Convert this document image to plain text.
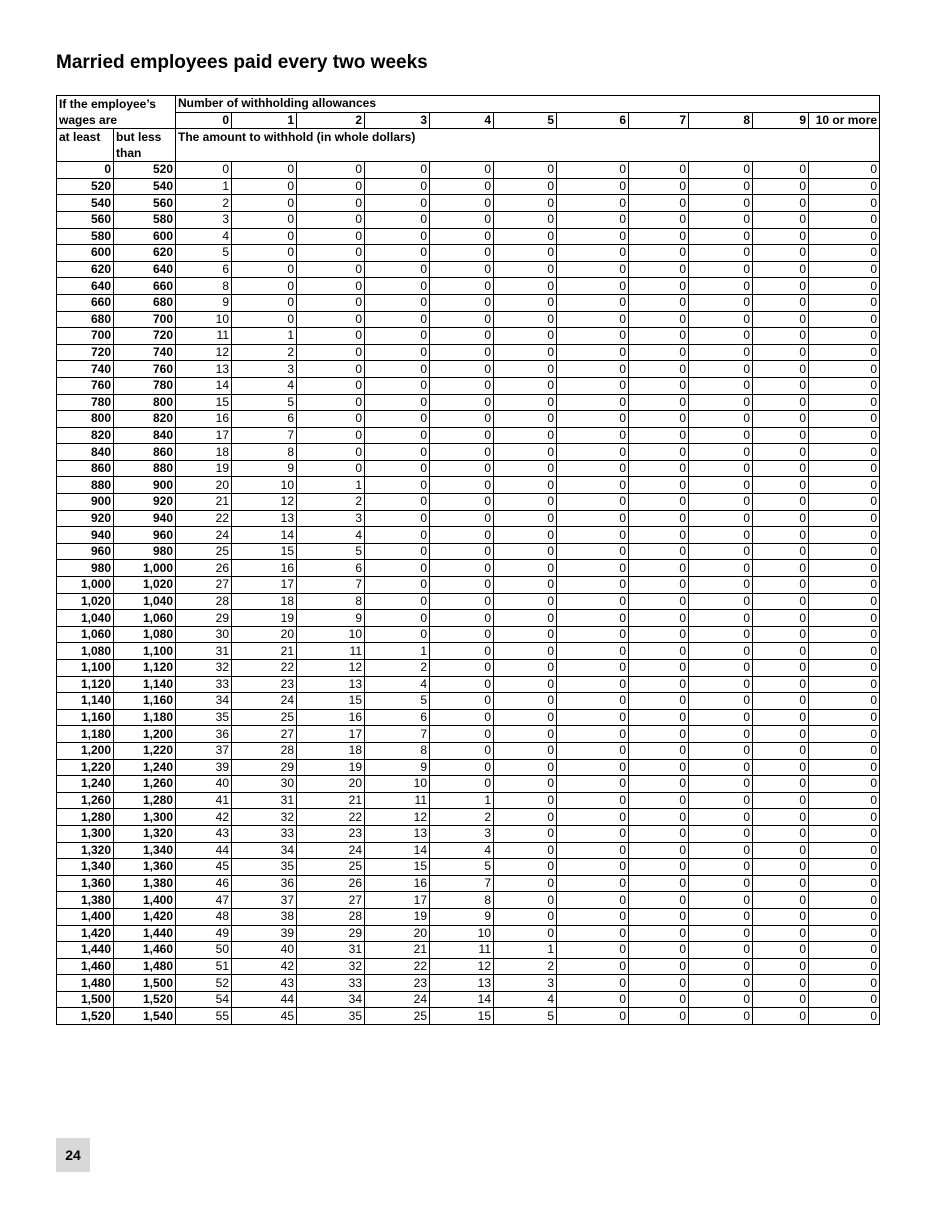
Married employees paid every two weeks
If the employee’s		Number of withholding allowances										
wages are		0	1	2	3	4	5	6	7	8	9	10 or more
at least	but less than	The amount to withhold (in whole dollars)										
0	520	0	0	0	0	0	0	0	0	0	0	0
520	540	1	0	0	0	0	0	0	0	0	0	0
540	560	2	0	0	0	0	0	0	0	0	0	0
560	580	3	0	0	0	0	0	0	0	0	0	0
580	600	4	0	0	0	0	0	0	0	0	0	0
600	620	5	0	0	0	0	0	0	0	0	0	0
620	640	6	0	0	0	0	0	0	0	0	0	0
640	660	8	0	0	0	0	0	0	0	0	0	0
660	680	9	0	0	0	0	0	0	0	0	0	0
680	700	10	0	0	0	0	0	0	0	0	0	0
700	720	11	1	0	0	0	0	0	0	0	0	0
720	740	12	2	0	0	0	0	0	0	0	0	0
740	760	13	3	0	0	0	0	0	0	0	0	0
760	780	14	4	0	0	0	0	0	0	0	0	0
780	800	15	5	0	0	0	0	0	0	0	0	0
800	820	16	6	0	0	0	0	0	0	0	0	0
820	840	17	7	0	0	0	0	0	0	0	0	0
840	860	18	8	0	0	0	0	0	0	0	0	0
860	880	19	9	0	0	0	0	0	0	0	0	0
880	900	20	10	1	0	0	0	0	0	0	0	0
900	920	21	12	2	0	0	0	0	0	0	0	0
920	940	22	13	3	0	0	0	0	0	0	0	0
940	960	24	14	4	0	0	0	0	0	0	0	0
960	980	25	15	5	0	0	0	0	0	0	0	0
980	1,000	26	16	6	0	0	0	0	0	0	0	0
1,000	1,020	27	17	7	0	0	0	0	0	0	0	0
1,020	1,040	28	18	8	0	0	0	0	0	0	0	0
1,040	1,060	29	19	9	0	0	0	0	0	0	0	0
1,060	1,080	30	20	10	0	0	0	0	0	0	0	0
1,080	1,100	31	21	11	1	0	0	0	0	0	0	0
1,100	1,120	32	22	12	2	0	0	0	0	0	0	0
1,120	1,140	33	23	13	4	0	0	0	0	0	0	0
1,140	1,160	34	24	15	5	0	0	0	0	0	0	0
1,160	1,180	35	25	16	6	0	0	0	0	0	0	0
1,180	1,200	36	27	17	7	0	0	0	0	0	0	0
1,200	1,220	37	28	18	8	0	0	0	0	0	0	0
1,220	1,240	39	29	19	9	0	0	0	0	0	0	0
1,240	1,260	40	30	20	10	0	0	0	0	0	0	0
1,260	1,280	41	31	21	11	1	0	0	0	0	0	0
1,280	1,300	42	32	22	12	2	0	0	0	0	0	0
1,300	1,320	43	33	23	13	3	0	0	0	0	0	0
1,320	1,340	44	34	24	14	4	0	0	0	0	0	0
1,340	1,360	45	35	25	15	5	0	0	0	0	0	0
1,360	1,380	46	36	26	16	7	0	0	0	0	0	0
1,380	1,400	47	37	27	17	8	0	0	0	0	0	0
1,400	1,420	48	38	28	19	9	0	0	0	0	0	0
1,420	1,440	49	39	29	20	10	0	0	0	0	0	0
1,440	1,460	50	40	31	21	11	1	0	0	0	0	0
1,460	1,480	51	42	32	22	12	2	0	0	0	0	0
1,480	1,500	52	43	33	23	13	3	0	0	0	0	0
1,500	1,520	54	44	34	24	14	4	0	0	0	0	0
1,520	1,540	55	45	35	25	15	5	0	0	0	0	0
24
